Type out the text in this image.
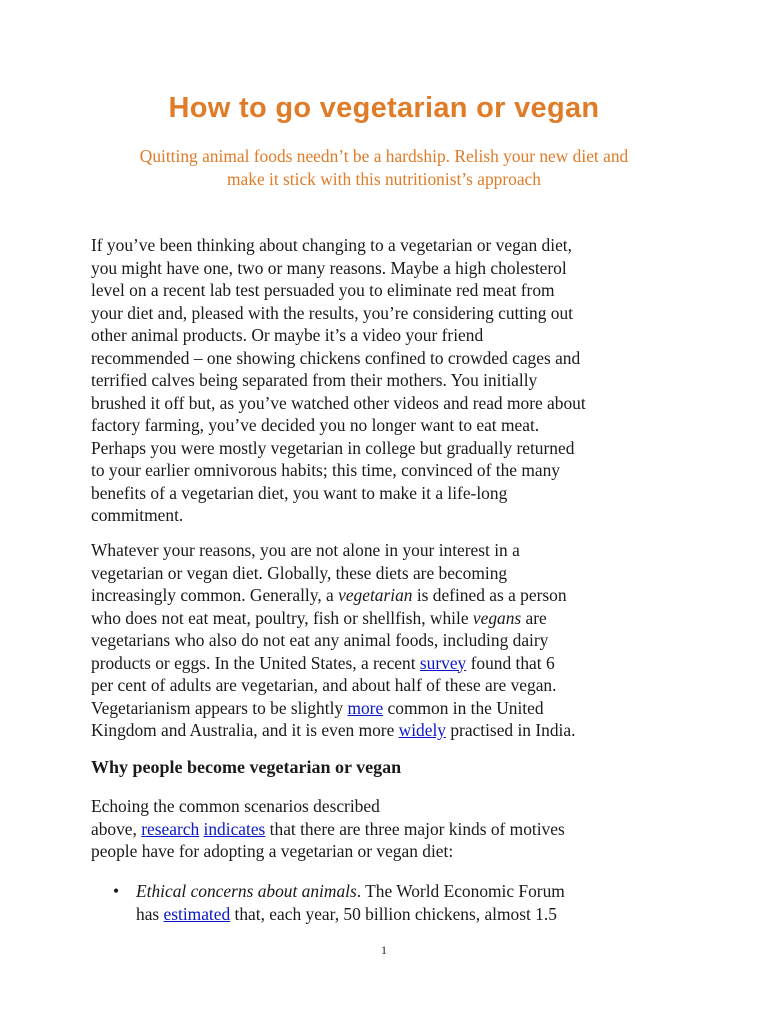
How to go vegetarian or vegan

Quitting animal foods needn’t be a hardship. Relish your new diet and
make it stick with this nutritionist’s approach

If you’ve been thinking about changing to a vegetarian or vegan diet,
you might have one, two or many reasons. Maybe a high cholesterol
level on a recent lab test persuaded you to eliminate red meat from
your diet and, pleased with the results, you’re considering cutting out
other animal products. Or maybe it’s a video your friend
recommended – one showing chickens confined to crowded cages and
terrified calves being separated from their mothers. You initially
brushed it off but, as you’ve watched other videos and read more about
factory farming, you’ve decided you no longer want to eat meat.
Perhaps you were mostly vegetarian in college but gradually returned
to your earlier omnivorous habits; this time, convinced of the many
benefits of a vegetarian diet, you want to make it a life-long
commitment.

Whatever your reasons, you are not alone in your interest in a
vegetarian or vegan diet. Globally, these diets are becoming
increasingly common. Generally, a vegetarian is defined as a person
who does not eat meat, poultry, fish or shellfish, while vegans are
vegetarians who also do not eat any animal foods, including dairy
products or eggs. In the United States, a recent survey found that 6
per cent of adults are vegetarian, and about half of these are vegan.
Vegetarianism appears to be slightly more common in the United
Kingdom and Australia, and it is even more widely practised in India.

Why people become vegetarian or vegan

Echoing the common scenarios described
above, research indicates that there are three major kinds of motives
people have for adopting a vegetarian or vegan diet:

• Ethical concerns about animals. The World Economic Forum
has estimated that, each year, 50 billion chickens, almost 1.5
1
